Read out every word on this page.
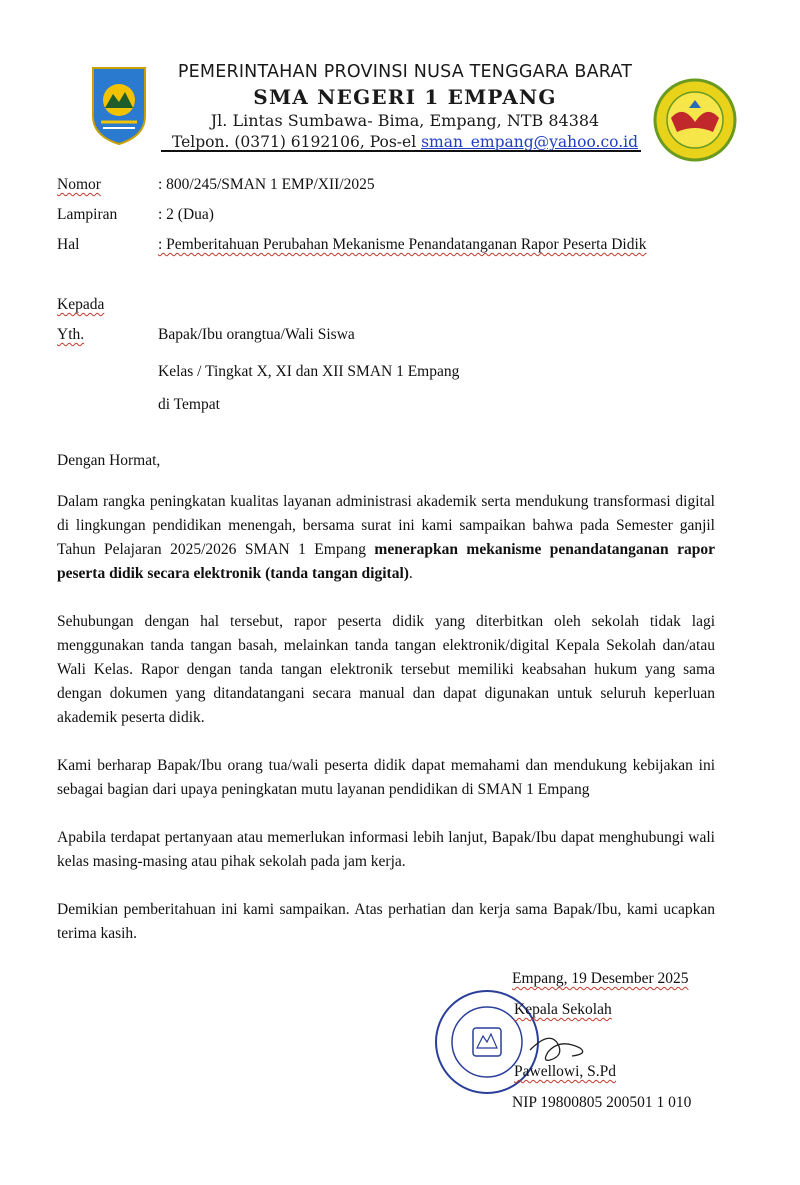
PEMERINTAHAN PROVINSI NUSA TENGGARA BARAT
SMA NEGERI 1 EMPANG
Jl. Lintas Sumbawa- Bima, Empang, NTB 84384
Telpon. (0371) 6192106, Pos-el sman_empang@yahoo.co.id
Nomor	: 800/245/SMAN 1 EMP/XII/2025
Lampiran	: 2 (Dua)
Hal	: Pemberitahuan Perubahan Mekanisme Penandatanganan Rapor Peserta Didik
Kepada
Yth.	Bapak/Ibu orangtua/Wali Siswa
Kelas / Tingkat X, XI dan XII SMAN 1 Empang
di Tempat
Dengan Hormat,

Dalam rangka peningkatan kualitas layanan administrasi akademik serta mendukung transformasi digital di lingkungan pendidikan menengah, bersama surat ini kami sampaikan bahwa pada Semester ganjil Tahun Pelajaran 2025/2026 SMAN 1 Empang menerapkan mekanisme penandatanganan rapor peserta didik secara elektronik (tanda tangan digital).

Sehubungan dengan hal tersebut, rapor peserta didik yang diterbitkan oleh sekolah tidak lagi menggunakan tanda tangan basah, melainkan tanda tangan elektronik/digital Kepala Sekolah dan/atau Wali Kelas. Rapor dengan tanda tangan elektronik tersebut memiliki keabsahan hukum yang sama dengan dokumen yang ditandatangani secara manual dan dapat digunakan untuk seluruh keperluan akademik peserta didik.

Kami berharap Bapak/Ibu orang tua/wali peserta didik dapat memahami dan mendukung kebijakan ini sebagai bagian dari upaya peningkatan mutu layanan pendidikan di SMAN 1 Empang

Apabila terdapat pertanyaan atau memerlukan informasi lebih lanjut, Bapak/Ibu dapat menghubungi wali kelas masing-masing atau pihak sekolah pada jam kerja.

Demikian pemberitahuan ini kami sampaikan. Atas perhatian dan kerja sama Bapak/Ibu, kami ucapkan terima kasih.

Empang, 19 Desember 2025
Kepala Sekolah
Pawellowi, S.Pd
NIP 19800805 200501 1 010
